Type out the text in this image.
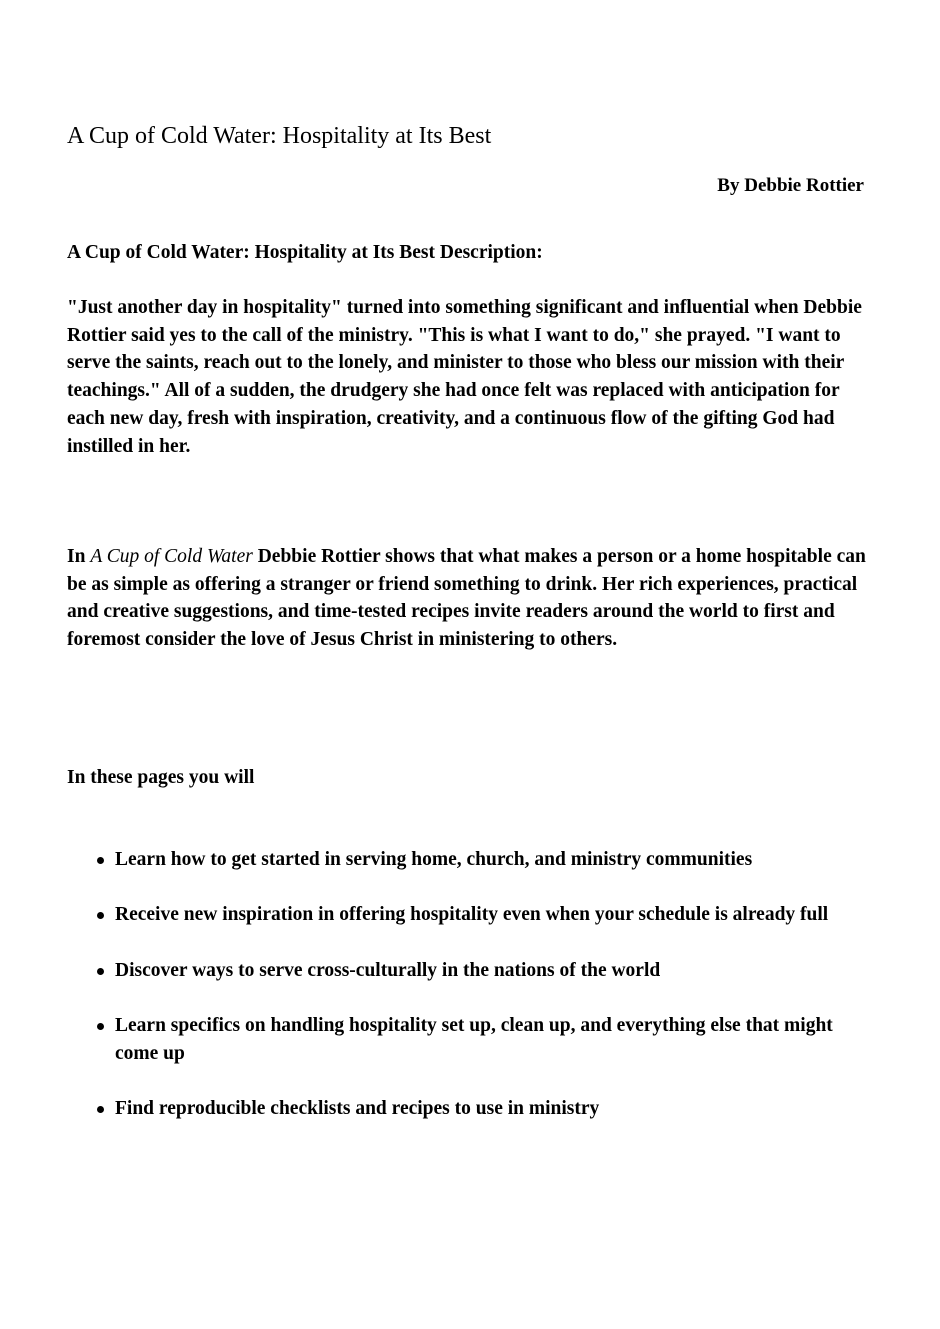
A Cup of Cold Water: Hospitality at Its Best
By Debbie Rottier
A Cup of Cold Water: Hospitality at Its Best Description:
"Just another day in hospitality" turned into something significant and influential when Debbie Rottier said yes to the call of the ministry. "This is what I want to do," she prayed. "I want to serve the saints, reach out to the lonely, and minister to those who bless our mission with their teachings." All of a sudden, the drudgery she had once felt was replaced with anticipation for each new day, fresh with inspiration, creativity, and a continuous flow of the gifting God had instilled in her.
In A Cup of Cold Water Debbie Rottier shows that what makes a person or a home hospitable can be as simple as offering a stranger or friend something to drink. Her rich experiences, practical and creative suggestions, and time-tested recipes invite readers around the world to first and foremost consider the love of Jesus Christ in ministering to others.
In these pages you will
Learn how to get started in serving home, church, and ministry communities
Receive new inspiration in offering hospitality even when your schedule is already full
Discover ways to serve cross-culturally in the nations of the world
Learn specifics on handling hospitality set up, clean up, and everything else that might come up
Find reproducible checklists and recipes to use in ministry
